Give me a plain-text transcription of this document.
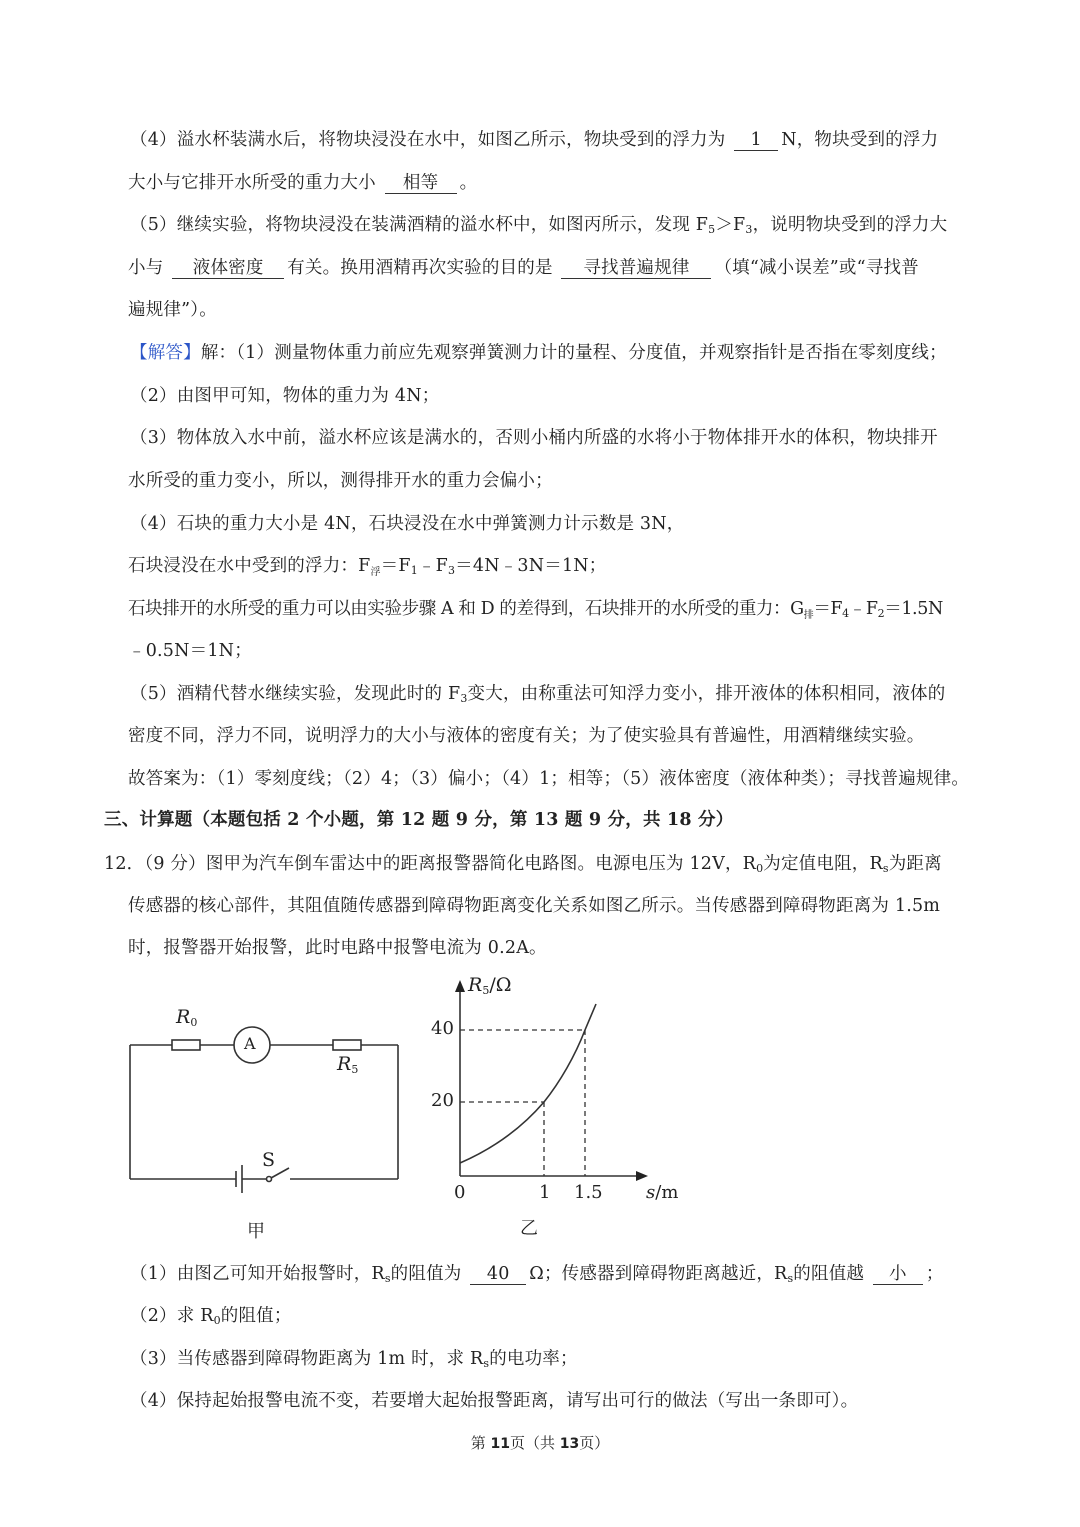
（4）溢水杯装满水后，将物块浸没在水中，如图乙所示，物块受到的浮力为 1 N，物块受到的浮力
大小与它排开水所受的重力大小 相等 。
（5）继续实验，将物块浸没在装满酒精的溢水杯中，如图丙所示，发现 $F_5>F_3$，说明物块受到的浮力大
小与 液体密度 有关。换用酒精再次实验的目的是 寻找普遍规律 （填“减小误差”或“寻找普
遍规律”）。
【解答】解：（1）测量物体重力前应先观察弹簧测力计的量程、分度值，并观察指针是否指在零刻度线；
（2）由图甲可知，物体的重力为 4N；
（3）物体放入水中前，溢水杯应该是满水的，否则小桶内所盛的水将小于物体排开水的体积，物块排开
水所受的重力变小，所以，测得排开水的重力会偏小；
（4）石块的重力大小是 4N，石块浸没在水中弹簧测力计示数是 3N，
石块浸没在水中受到的浮力：$F_浮=F_1﹣F_3=4N﹣3N=1N$；
石块排开的水所受的重力可以由实验步骤 A 和 D 的差得到，石块排开的水所受的重力：$G_排=F_4﹣F_2=1.5N$
﹣0.5N＝1N；
（5）酒精代替水继续实验，发现此时的 $F_3$变大，由称重法可知浮力变小，排开液体的体积相同，液体的
密度不同，浮力不同，说明浮力的大小与液体的密度有关；为了使实验具有普遍性，用酒精继续实验。
故答案为：（1）零刻度线；（2）4；（3）偏小；（4）1；相等；（5）液体密度（液体种类）；寻找普遍规律。
三、计算题（本题包括 2 个小题，第 12 题 9 分，第 13 题 9 分，共 18 分）
12．（9 分）图甲为汽车倒车雷达中的距离报警器简化电路图。电源电压为 12V，$R_0$为定值电阻，$R_s$为距离
传感器的核心部件，其阻值随传感器到障碍物距离变化关系如图乙所示。当传感器到障碍物距离为 1.5m
时，报警器开始报警，此时电路中报警电流为 0.2A。
$R_0$
A
$R_5$
S
甲
$R_5/\Omega$
40
20
0	1 1.5 s/m
乙
（1）由图乙可知开始报警时，$R_s$的阻值为 40 Ω；传感器到障碍物距离越近，$R_s$的阻值越 小 ；
（2）求 $R_0$的阻值；
（3）当传感器到障碍物距离为 1m 时，求 $R_s$的电功率；
（4）保持起始报警电流不变，若要增大起始报警距离，请写出可行的做法（写出一条即可）。
第 11页（共 13页）
